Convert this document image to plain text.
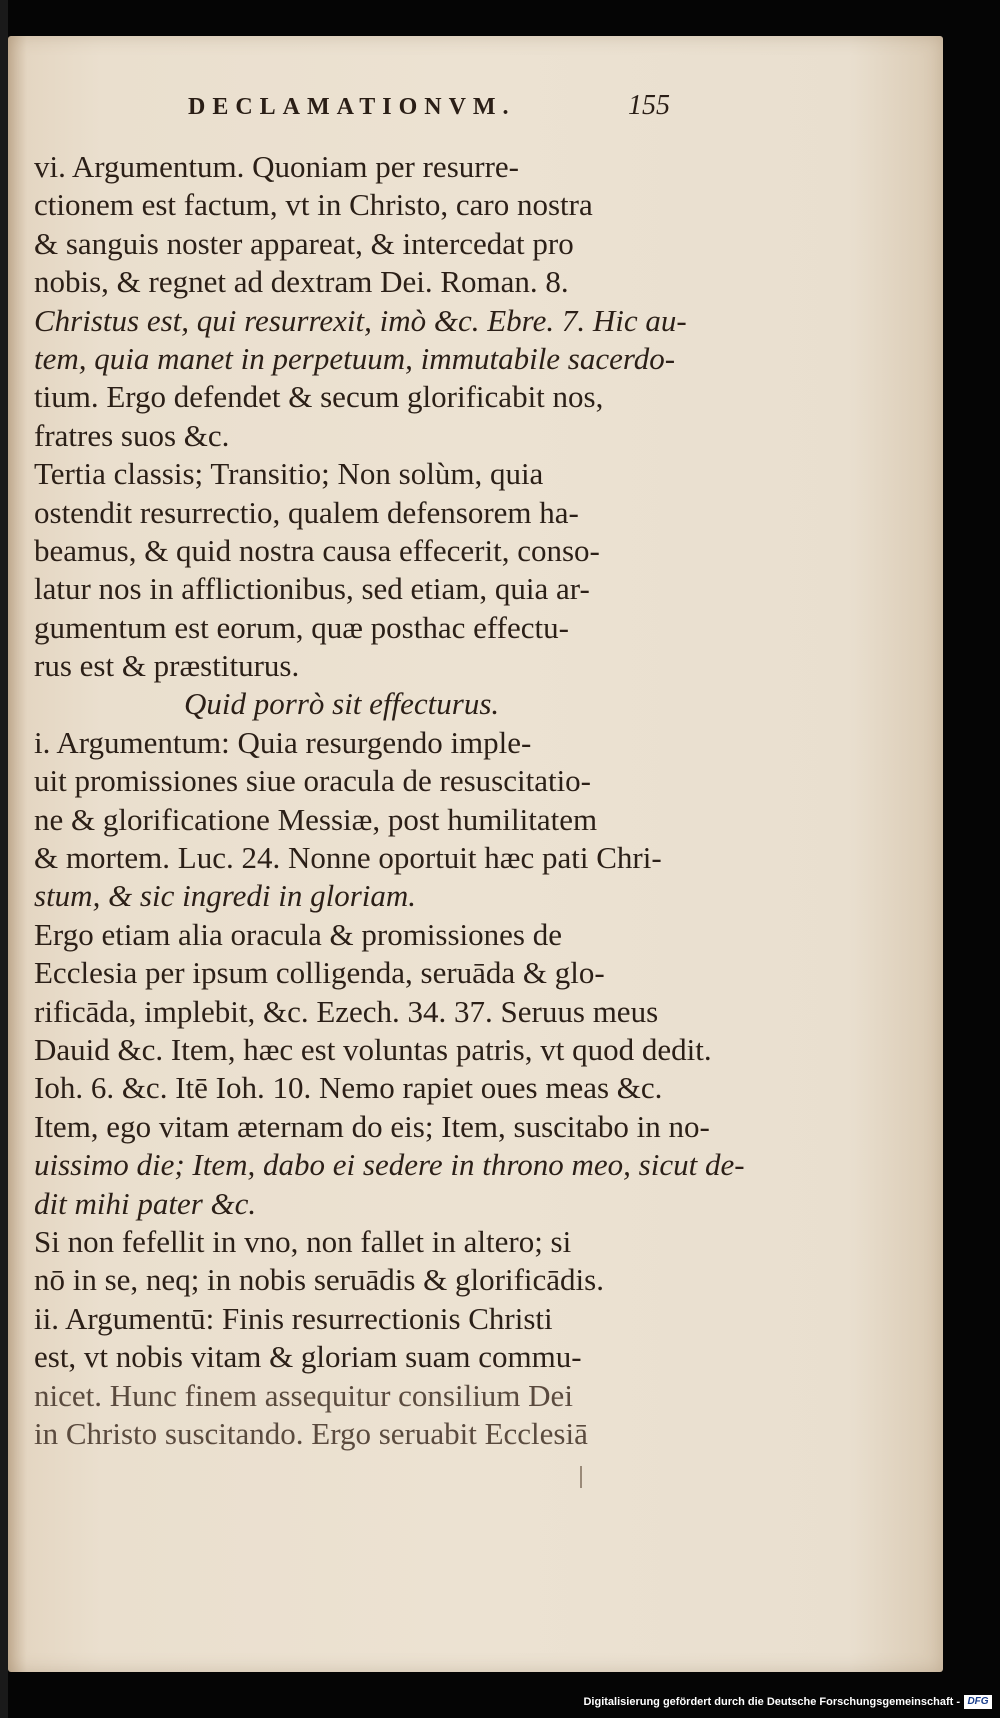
DECLAMATIONVM.	155
vi. Argumentum. Quoniam per resurre-
ctionem est factum, vt in Christo, caro nostra
& sanguis noster appareat, & intercedat pro
nobis, & regnet ad dextram Dei. Roman. 8.
Christus est, qui resurrexit, imò &c. Ebre. 7. Hic au-
tem, quia manet in perpetuum, immutabile sacerdo-
tium. Ergo defendet & secum glorificabit nos,
fratres suos &c.
Tertia classis; Transitio; Non solùm, quia
ostendit resurrectio, qualem defensorem ha-
beamus, & quid nostra causa effecerit, conso-
latur nos in afflictionibus, sed etiam, quia ar-
gumentum est eorum, quæ posthac effectu-
rus est & præstiturus.
Quid porrò sit effecturus.
i. Argumentum: Quia resurgendo imple-
uit promissiones siue oracula de resuscitatio-
ne & glorificatione Messiæ, post humilitatem
& mortem. Luc. 24. Nonne oportuit hæc pati Chri-
stum, & sic ingredi in gloriam.
Ergo etiam alia oracula & promissiones de
Ecclesia per ipsum colligenda, seruāda & glo-
rificāda, implebit, &c. Ezech. 34. 37. Seruus meus
Dauid &c. Item, hæc est voluntas patris, vt quod dedit.
Ioh. 6. &c. Itē Ioh. 10. Nemo rapiet oues meas &c.
Item, ego vitam æternam do eis; Item, suscitabo in no-
uissimo die; Item, dabo ei sedere in throno meo, sicut de-
dit mihi pater &c.
Si non fefellit in vno, non fallet in altero; si
nō in se, neq; in nobis seruādis & glorificādis.
ii. Argumentū: Finis resurrectionis Christi
est, vt nobis vitam & gloriam suam commu-
nicet. Hunc finem assequitur consilium Dei
in Christo suscitando. Ergo seruabit Ecclesiā
Digitalisierung gefördert durch die Deutsche Forschungsgemeinschaft - DFG
